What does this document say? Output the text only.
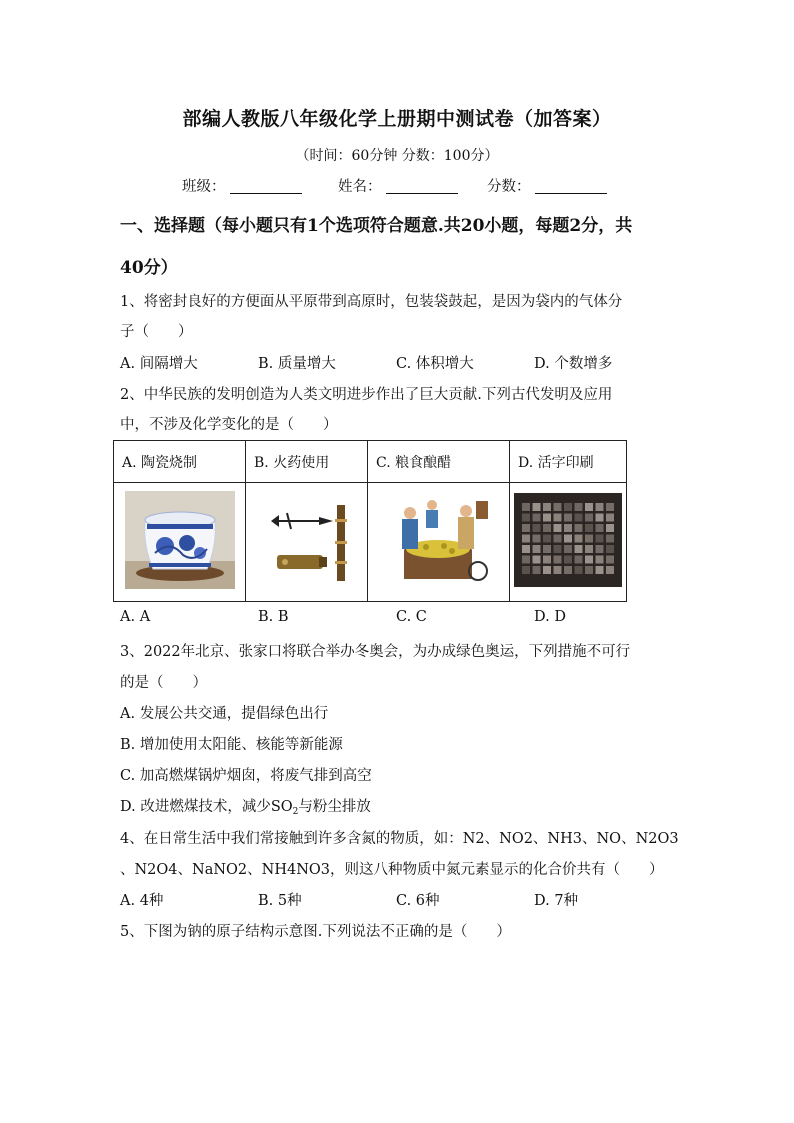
部编人教版八年级化学上册期中测试卷（加答案）
（时间：60分钟 分数：100分）
班级：	姓名：	分数：
一、选择题（每小题只有1个选项符合题意.共20小题，每题2分，共
40分）
1、将密封良好的方便面从平原带到高原时，包装袋鼓起，是因为袋内的气体分
子（　　）
A. 间隔增大	B. 质量增大	C. 体积增大	D. 个数增多
2、中华民族的发明创造为人类文明进步作出了巨大贡献.下列古代发明及应用
中，不涉及化学变化的是（　　）
A. 陶瓷烧制	B. 火药使用	C. 粮食酿醋	D. 活字印刷

A. A	B. B	C. C	D. D
3、2022年北京、张家口将联合举办冬奥会，为办成绿色奥运，下列措施不可行
的是（　　）
A. 发展公共交通，提倡绿色出行
B. 增加使用太阳能、核能等新能源
C. 加高燃煤锅炉烟囱，将废气排到高空
D. 改进燃煤技术，减少$SO_2$与粉尘排放
4、在日常生活中我们常接触到许多含氮的物质，如：N2、NO2、NH3、NO、N2O3
、N2O4、NaNO2、NH4NO3，则这八种物质中氮元素显示的化合价共有（　　）
A. 4种	B. 5种	C. 6种	D. 7种
5、下图为钠的原子结构示意图.下列说法不正确的是（　　）
